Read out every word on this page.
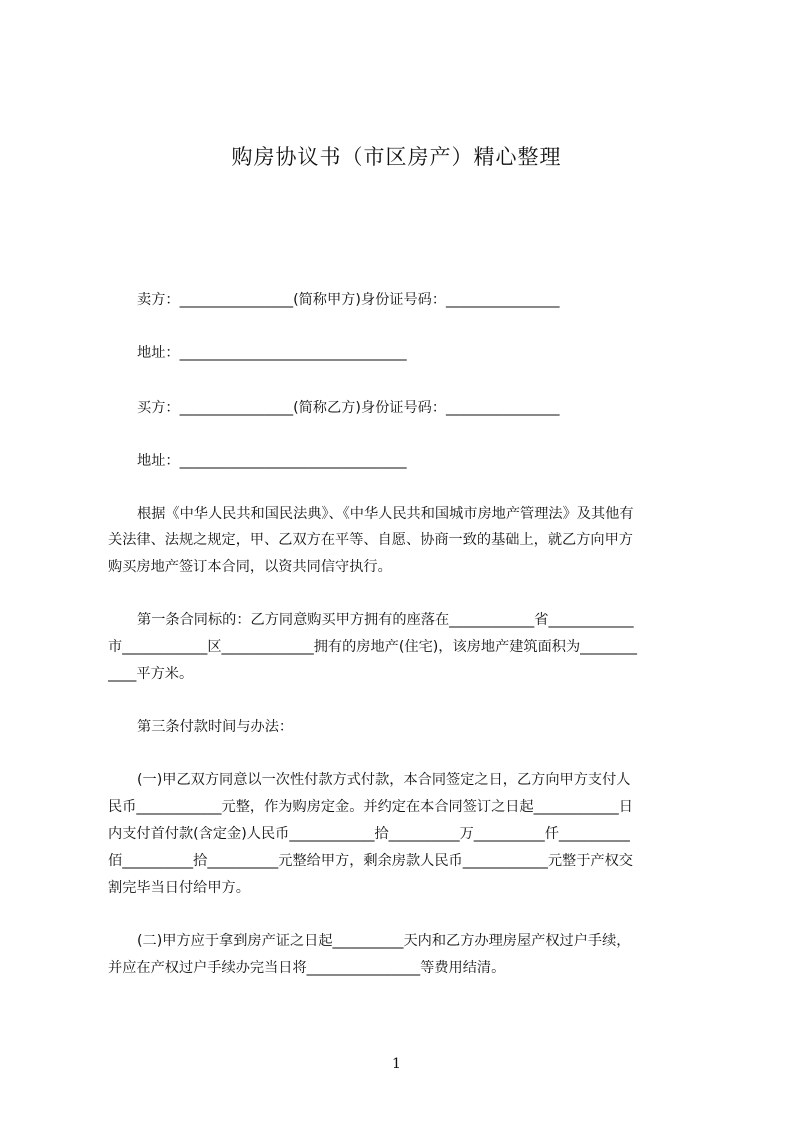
购房协议书（市区房产）精心整理
卖方：________________(简称甲方)身份证号码：________________
地址：________________________________
买方：________________(简称乙方)身份证号码：________________
地址：________________________________
根据《中华人民共和国民法典》、《中华人民共和国城市房地产管理法》及其他有
关法律、法规之规定，甲、乙双方在平等、自愿、协商一致的基础上，就乙方向甲方
购买房地产签订本合同，以资共同信守执行。
第一条合同标的：乙方同意购买甲方拥有的座落在____________省____________
市____________区_____________拥有的房地产(住宅)，该房地产建筑面积为________
____平方米。
第三条付款时间与办法：
(一)甲乙双方同意以一次性付款方式付款，本合同签定之日，乙方向甲方支付人
民币____________元整，作为购房定金。并约定在本合同签订之日起____________日
内支付首付款(含定金)人民币____________拾__________万__________仟__________
佰__________拾__________元整给甲方，剩余房款人民币____________元整于产权交
割完毕当日付给甲方。
(二)甲方应于拿到房产证之日起__________天内和乙方办理房屋产权过户手续，
并应在产权过户手续办完当日将________________等费用结清。
1
